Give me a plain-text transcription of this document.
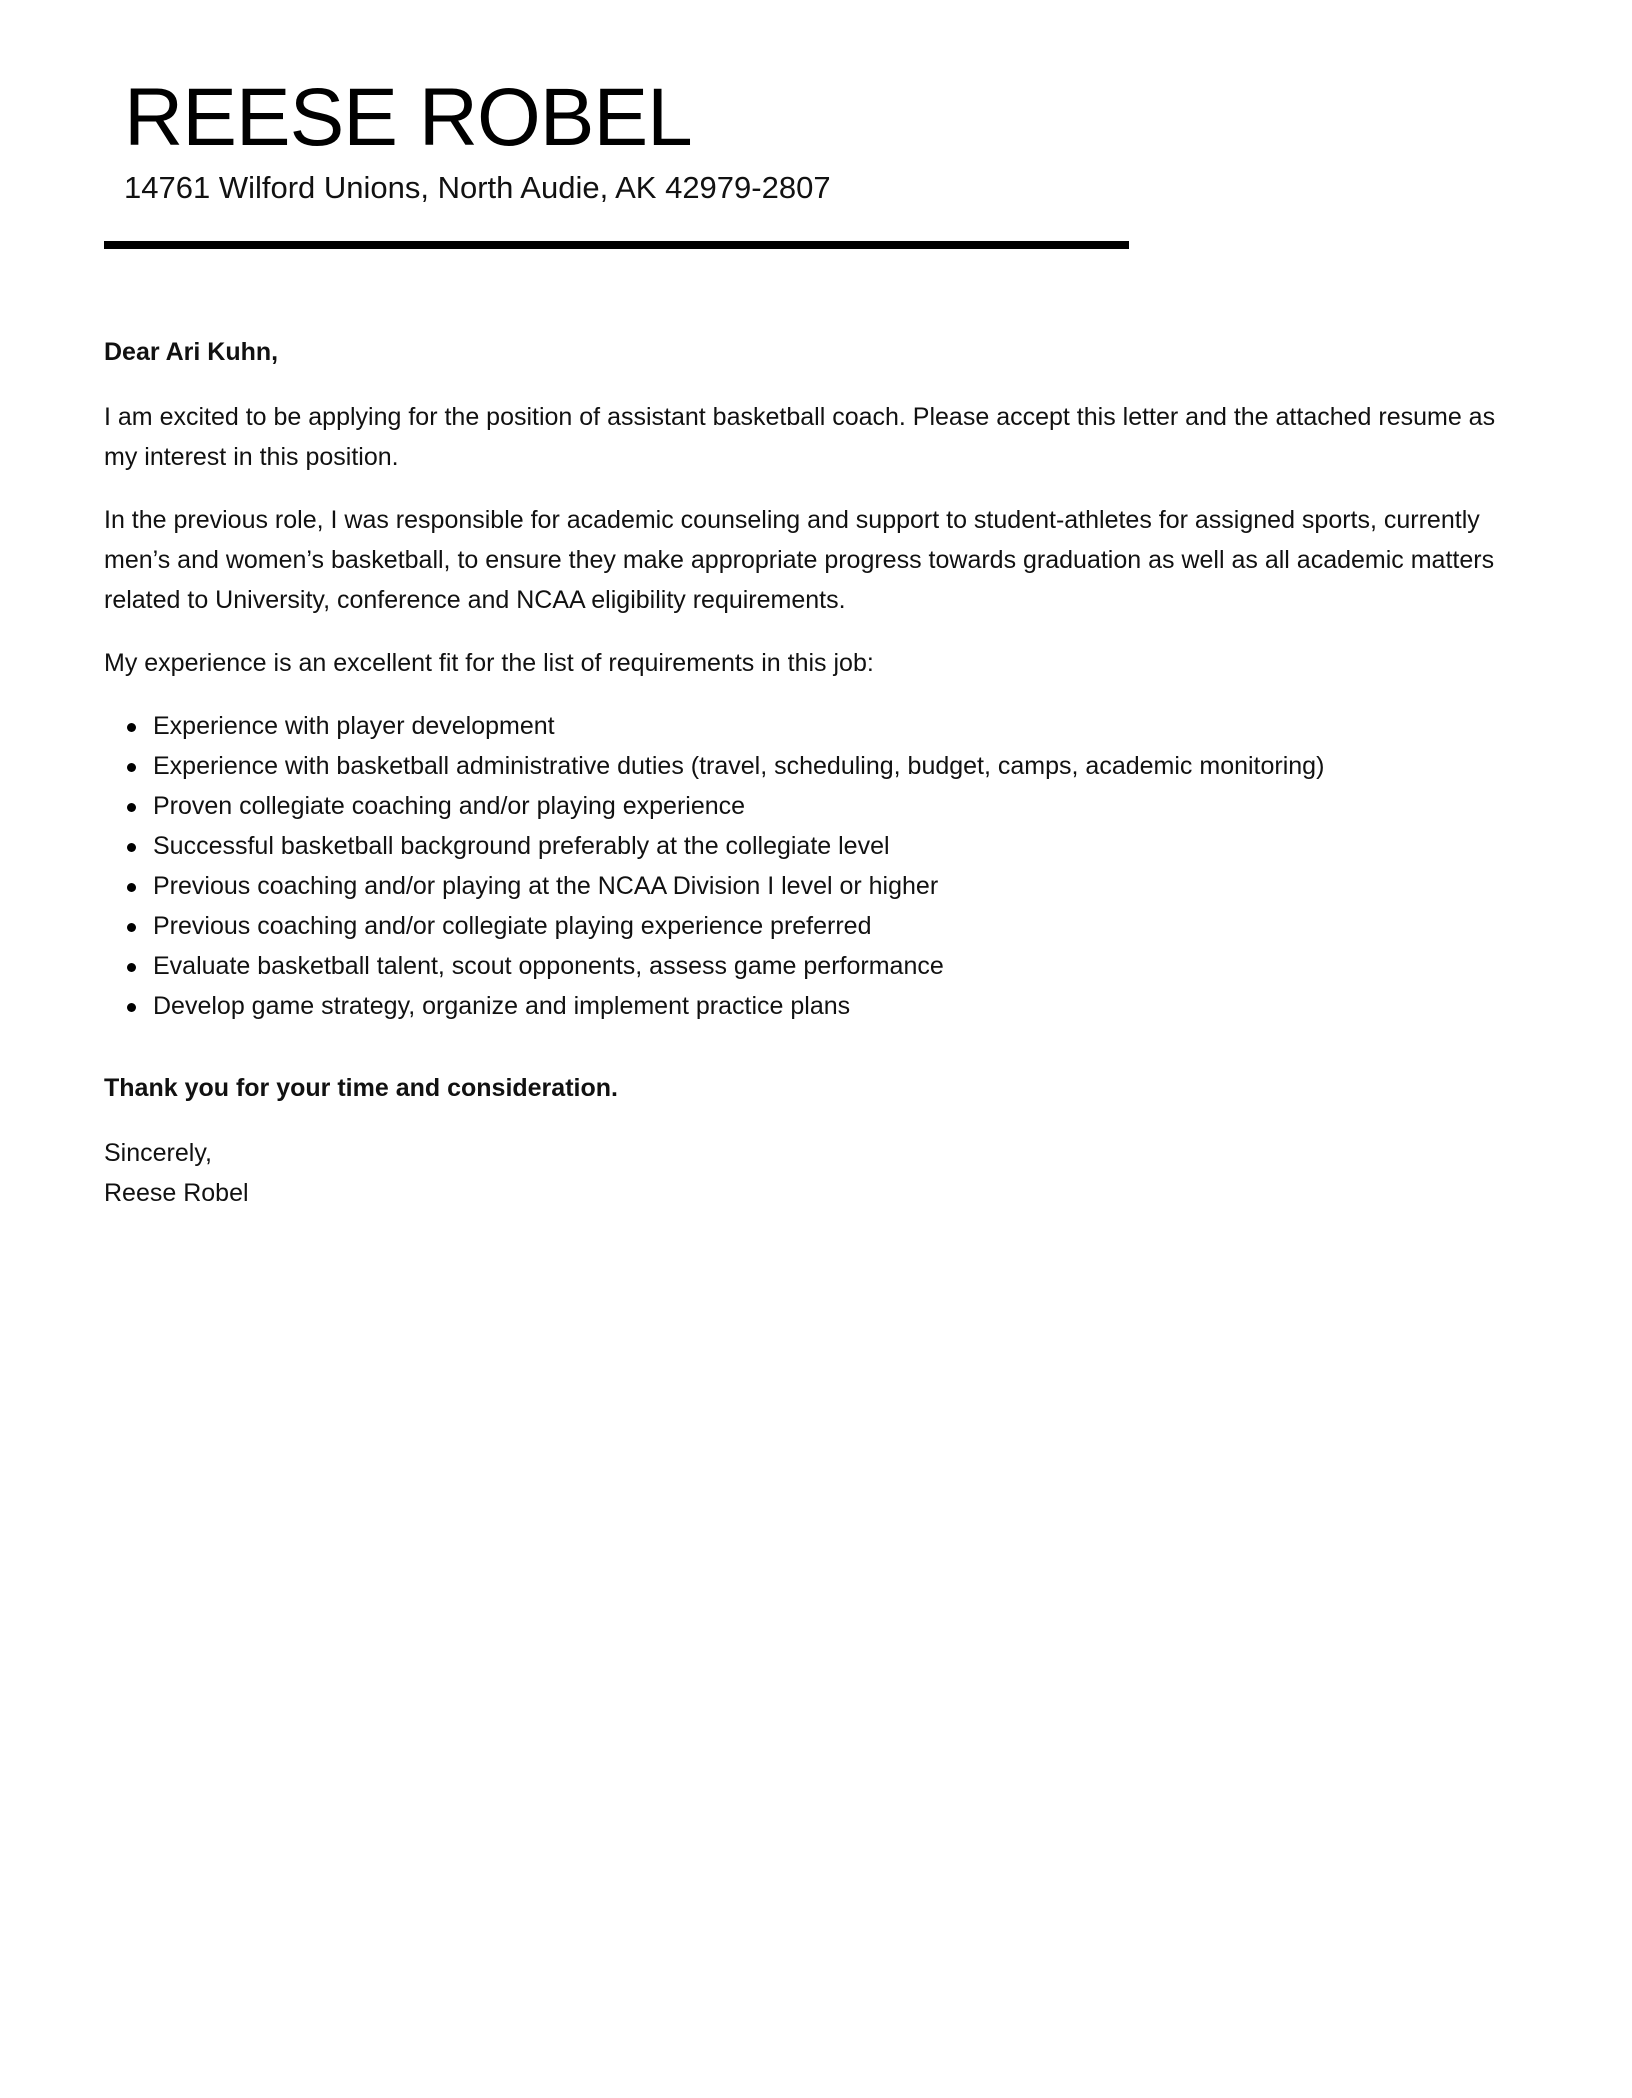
REESE ROBEL
14761 Wilford Unions, North Audie, AK 42979-2807

Dear Ari Kuhn,

I am excited to be applying for the position of assistant basketball coach. Please accept this letter and the attached resume as my interest in this position.

In the previous role, I was responsible for academic counseling and support to student-athletes for assigned sports, currently men’s and women’s basketball, to ensure they make appropriate progress towards graduation as well as all academic matters related to University, conference and NCAA eligibility requirements.

My experience is an excellent fit for the list of requirements in this job:

Experience with player development
Experience with basketball administrative duties (travel, scheduling, budget, camps, academic monitoring)
Proven collegiate coaching and/or playing experience
Successful basketball background preferably at the collegiate level
Previous coaching and/or playing at the NCAA Division I level or higher
Previous coaching and/or collegiate playing experience preferred
Evaluate basketball talent, scout opponents, assess game performance
Develop game strategy, organize and implement practice plans
Thank you for your time and consideration.
Sincerely,
Reese Robel
